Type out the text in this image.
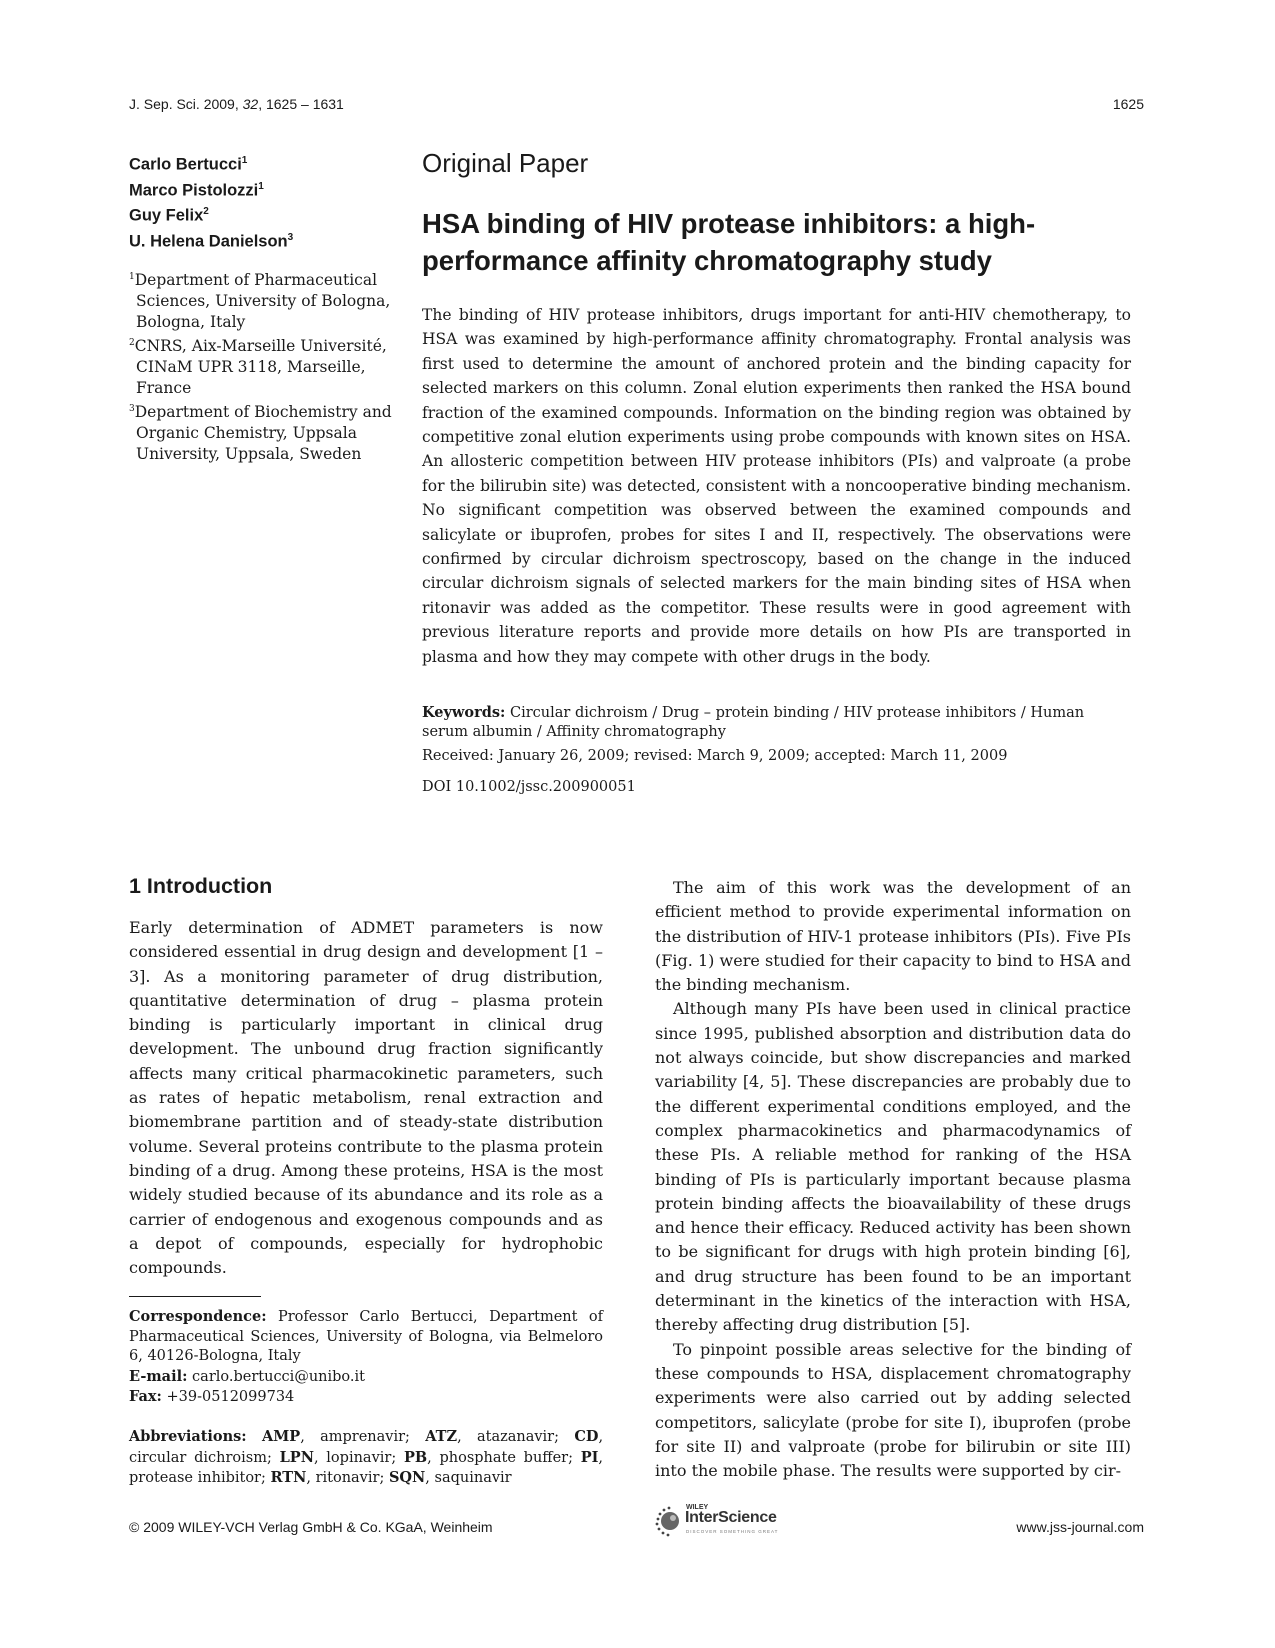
J. Sep. Sci. 2009, 32, 1625 – 1631	1625
Carlo Bertucci$^1$
Marco Pistolozzi$^1$
Guy Felix$^2$
U. Helena Danielson$^3$

$^1$Department of Pharmaceutical Sciences, University of Bologna, Bologna, Italy

$^2$CNRS, Aix-Marseille Université, CINaM UPR 3118, Marseille, France

$^3$Department of Biochemistry and Organic Chemistry, Uppsala University, Uppsala, Sweden

Original Paper
HSA binding of HIV protease inhibitors: a high-performance affinity chromatography study

The binding of HIV protease inhibitors, drugs important for anti-HIV chemotherapy, to HSA was examined by high-performance affinity chromatography. Frontal analysis was first used to determine the amount of anchored protein and the binding capacity for selected markers on this column. Zonal elution experiments then ranked the HSA bound fraction of the examined compounds. Information on the binding region was obtained by competitive zonal elution experiments using probe compounds with known sites on HSA. An allosteric competition between HIV protease inhibitors (PIs) and valproate (a probe for the bilirubin site) was detected, consistent with a noncooperative binding mechanism. No significant competition was observed between the examined compounds and salicylate or ibuprofen, probes for sites I and II, respectively. The observations were confirmed by circular dichroism spectroscopy, based on the change in the induced circular dichroism signals of selected markers for the main binding sites of HSA when ritonavir was added as the competitor. These results were in good agreement with previous literature reports and provide more details on how PIs are transported in plasma and how they may compete with other drugs in the body.

Keywords: Circular dichroism / Drug – protein binding / HIV protease inhibitors / Human serum albumin / Affinity chromatography

Received: January 26, 2009; revised: March 9, 2009; accepted: March 11, 2009

DOI 10.1002/jssc.200900051

1 Introduction

Early determination of ADMET parameters is now considered essential in drug design and development [1 – 3]. As a monitoring parameter of drug distribution, quantitative determination of drug – plasma protein binding is particularly important in clinical drug development. The unbound drug fraction significantly affects many critical pharmacokinetic parameters, such as rates of hepatic metabolism, renal extraction and biomembrane partition and of steady-state distribution volume. Several proteins contribute to the plasma protein binding of a drug. Among these proteins, HSA is the most widely studied because of its abundance and its role as a carrier of endogenous and exogenous compounds and as a depot of compounds, especially for hydrophobic compounds.

The aim of this work was the development of an efficient method to provide experimental information on the distribution of HIV-1 protease inhibitors (PIs). Five PIs (Fig. 1) were studied for their capacity to bind to HSA and the binding mechanism.

Although many PIs have been used in clinical practice since 1995, published absorption and distribution data do not always coincide, but show discrepancies and marked variability [4, 5]. These discrepancies are probably due to the different experimental conditions employed, and the complex pharmacokinetics and pharmacodynamics of these PIs. A reliable method for ranking of the HSA binding of PIs is particularly important because plasma protein binding affects the bioavailability of these drugs and hence their efficacy. Reduced activity has been shown to be significant for drugs with high protein binding [6], and drug structure has been found to be an important determinant in the kinetics of the interaction with HSA, thereby affecting drug distribution [5].

To pinpoint possible areas selective for the binding of these compounds to HSA, displacement chromatography experiments were also carried out by adding selected competitors, salicylate (probe for site I), ibuprofen (probe for site II) and valproate (probe for bilirubin or site III) into the mobile phase. The results were supported by cir-

Correspondence: Professor Carlo Bertucci, Department of Pharmaceutical Sciences, University of Bologna, via Belmeloro 6, 40126-Bologna, Italy

E-mail: carlo.bertucci@unibo.it

Fax: +39-0512099734

Abbreviations: AMP, amprenavir; ATZ, atazanavir; CD, circular dichroism; LPN, lopinavir; PB, phosphate buffer; PI, protease inhibitor; RTN, ritonavir; SQN, saquinavir

© 2009 WILEY-VCH Verlag GmbH & Co. KGaA, Weinheim
WILEY
InterScience
DISCOVER SOMETHING GREAT	www.jss-journal.com
